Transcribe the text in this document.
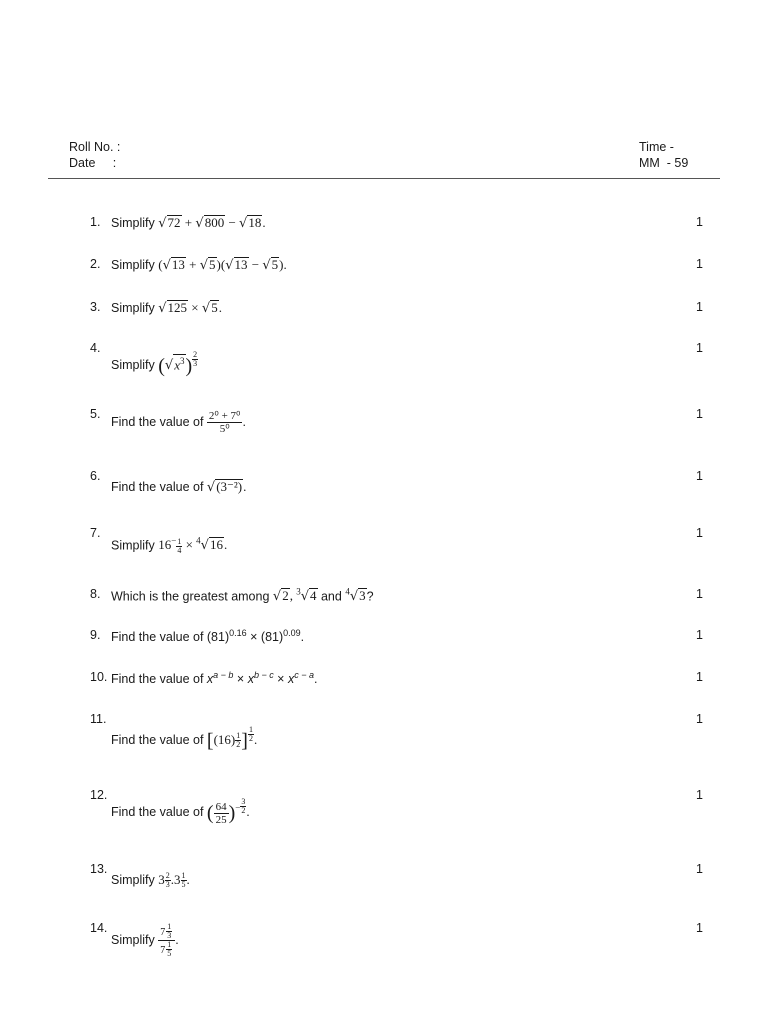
Roll No. :
Date     :
Time -
MM  - 59
1. Simplify √72 + √800 − √18.	1
2. Simplify (√13 + √5)(√13 − √5).	1
3. Simplify √125 × √5.	1
4.
Simplify $(√x^3) \frac{2}{3}$
1
5.
Find the value of $\frac{\text{2⁰ + 7⁰}}{\text{5⁰}}$ .
1
6.
Find the value of √(3⁻²).
1
7.
Simplify $16^- \frac{1}{4} \times ^4√16$.
1
8. Which is the greatest among √2, $^3$√4 and $^4$√3?	1
9. Find the value of $(81)^{0.16} \times (81)^{0.09}$.	1
10. Find the value of $x^{a - b} \times x^{b - c} \times x^{c - a}$.	1
11.
Find the value of [$(16) \frac{1}{2}$ ] $\frac{1}{2}$ .
1
12.
Find the value of ( $\frac{64}{25} )^- \frac{3}{2}$ .
1
13.
Simplify $3 \frac{2}{3} .3 \frac{1}{5}$ .
1
14.
Simplify $\frac{7 \frac{1}{3}}{7 \frac{1}{5}}$ .
1
